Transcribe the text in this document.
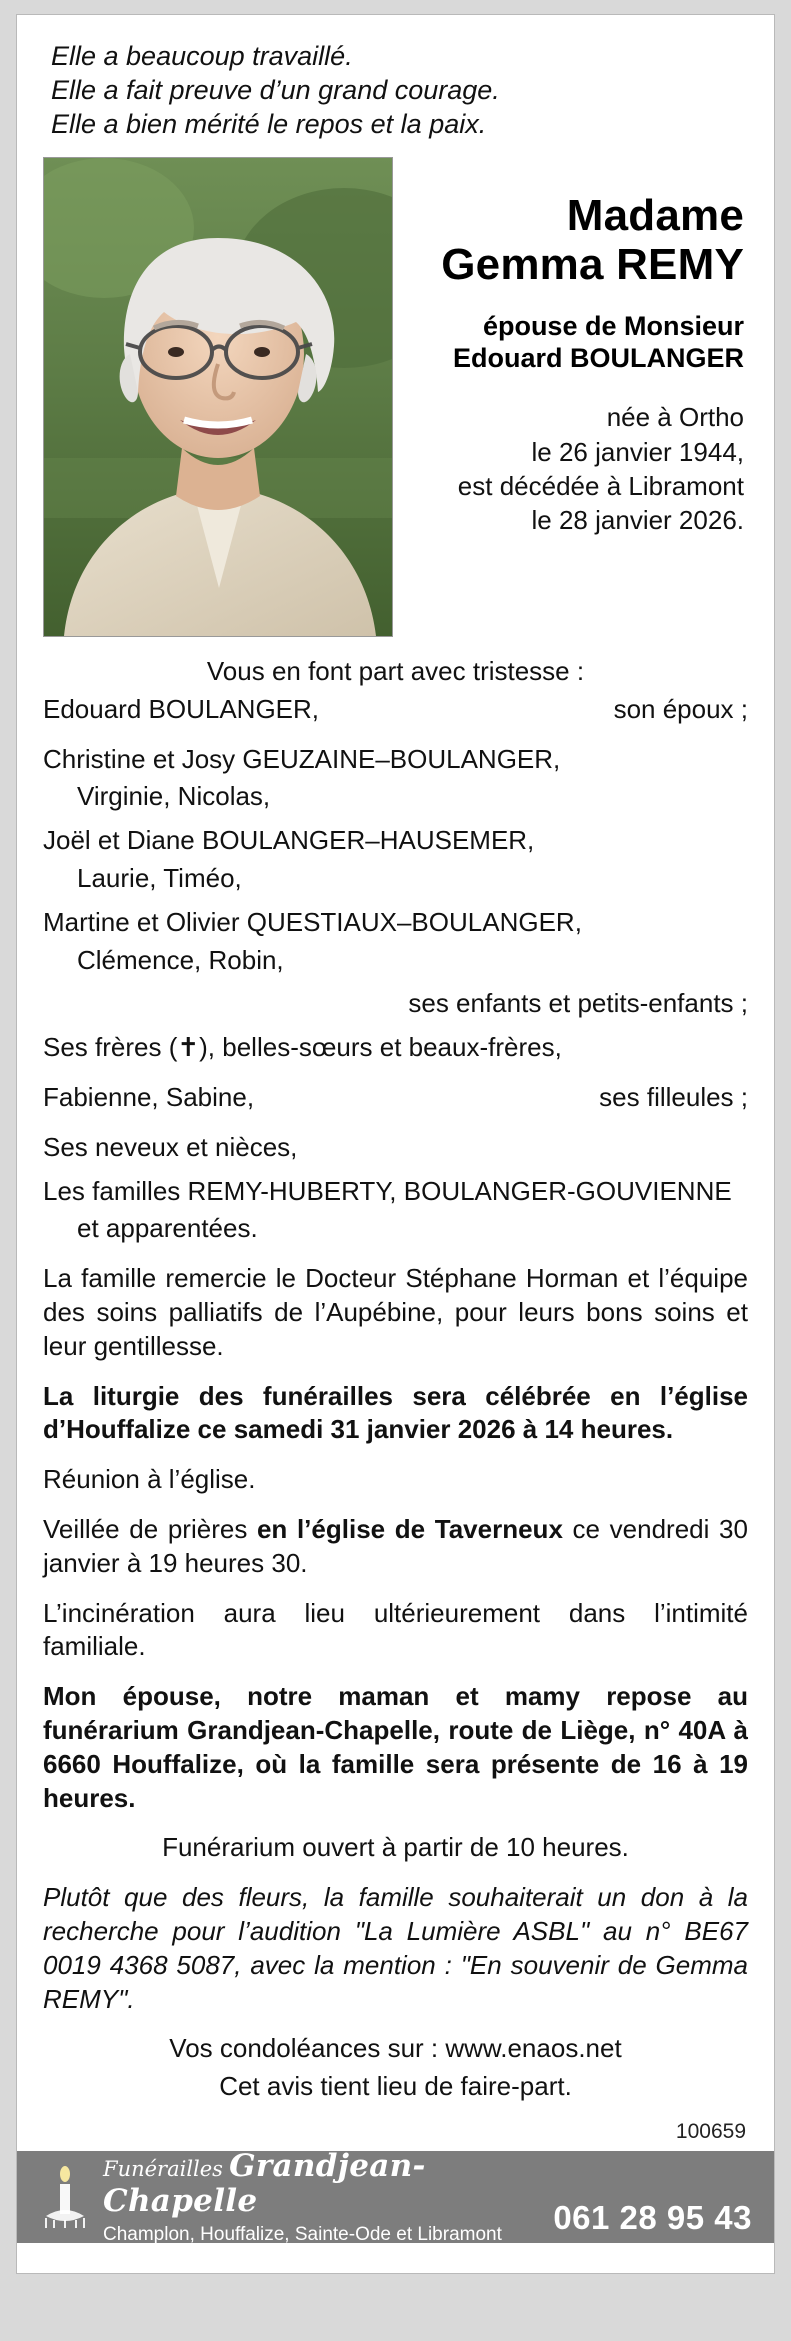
Elle a beaucoup travaillé.
Elle a fait preuve d’un grand courage.
Elle a bien mérité le repos et la paix.
Madame
Gemma REMY
épouse de Monsieur
Edouard BOULANGER
née à Ortho
le 26 janvier 1944,
est décédée à Libramont
le 28 janvier 2026.
Vous en font part avec tristesse :
Edouard BOULANGER,	son époux ;
Christine et Josy GEUZAINE–BOULANGER,
Virginie, Nicolas,
Joël et Diane BOULANGER–HAUSEMER,
Laurie, Timéo,
Martine et Olivier QUESTIAUX–BOULANGER,
Clémence, Robin,
ses enfants et petits-enfants ;
Ses frères (✝), belles-sœurs et beaux-frères,
Fabienne, Sabine,	ses filleules ;
Ses neveux et nièces,
Les familles REMY-HUBERTY, BOULANGER-GOUVIENNE
et apparentées.
La famille remercie le Docteur Stéphane Horman et l’équipe des soins palliatifs de l’Aupébine, pour leurs bons soins et leur gentillesse.
La liturgie des funérailles sera célébrée en l’église d’Houffalize ce samedi 31 janvier 2026 à 14 heures.
Réunion à l’église.
Veillée de prières en l’église de Taverneux ce vendredi 30 janvier à 19 heures 30.
L’incinération aura lieu ultérieurement dans l’intimité familiale.
Mon épouse, notre maman et mamy repose au funérarium Grandjean-Chapelle, route de Liège, n° 40A à 6660 Houffalize, où la famille sera présente de 16 à 19 heures.
Funérarium ouvert à partir de 10 heures.
Plutôt que des fleurs, la famille souhaiterait un don à la recherche pour l’audition "La Lumière ASBL" au n° BE67 0019 4368 5087, avec la mention : "En souvenir de Gemma REMY".
Vos condoléances sur : www.enaos.net
Cet avis tient lieu de faire-part.
100659
Funérailles Grandjean-Chapelle
Champlon, Houffalize, Sainte-Ode et Libramont	061 28 95 43
